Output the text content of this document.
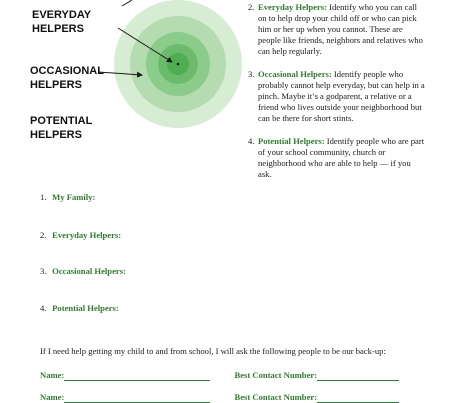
EVERYDAY HELPERS
OCCASIONAL HELPERS
POTENTIAL HELPERS
2. Everyday Helpers: Identify who you can call on to help drop your child off or who can pick him or her up when you cannot. These are people like friends, neighbors and relatives who can help regularly.
3. Occasional Helpers: Identify people who probably cannot help everyday, but can help in a pinch. Maybe it’s a godparent, a relative or a friend who lives outside your neighborhood but can be there for short stints.
4. Potential Helpers: Identify people who are part of your school community, church or neighborhood who are able to help — if you ask.
1. My Family:
2. Everyday Helpers:
3. Occasional Helpers:
4. Potential Helpers:
If I need help getting my child to and from school, I will ask the following people to be our back-up:
Name:	Best Contact Number:
Name:	Best Contact Number:
